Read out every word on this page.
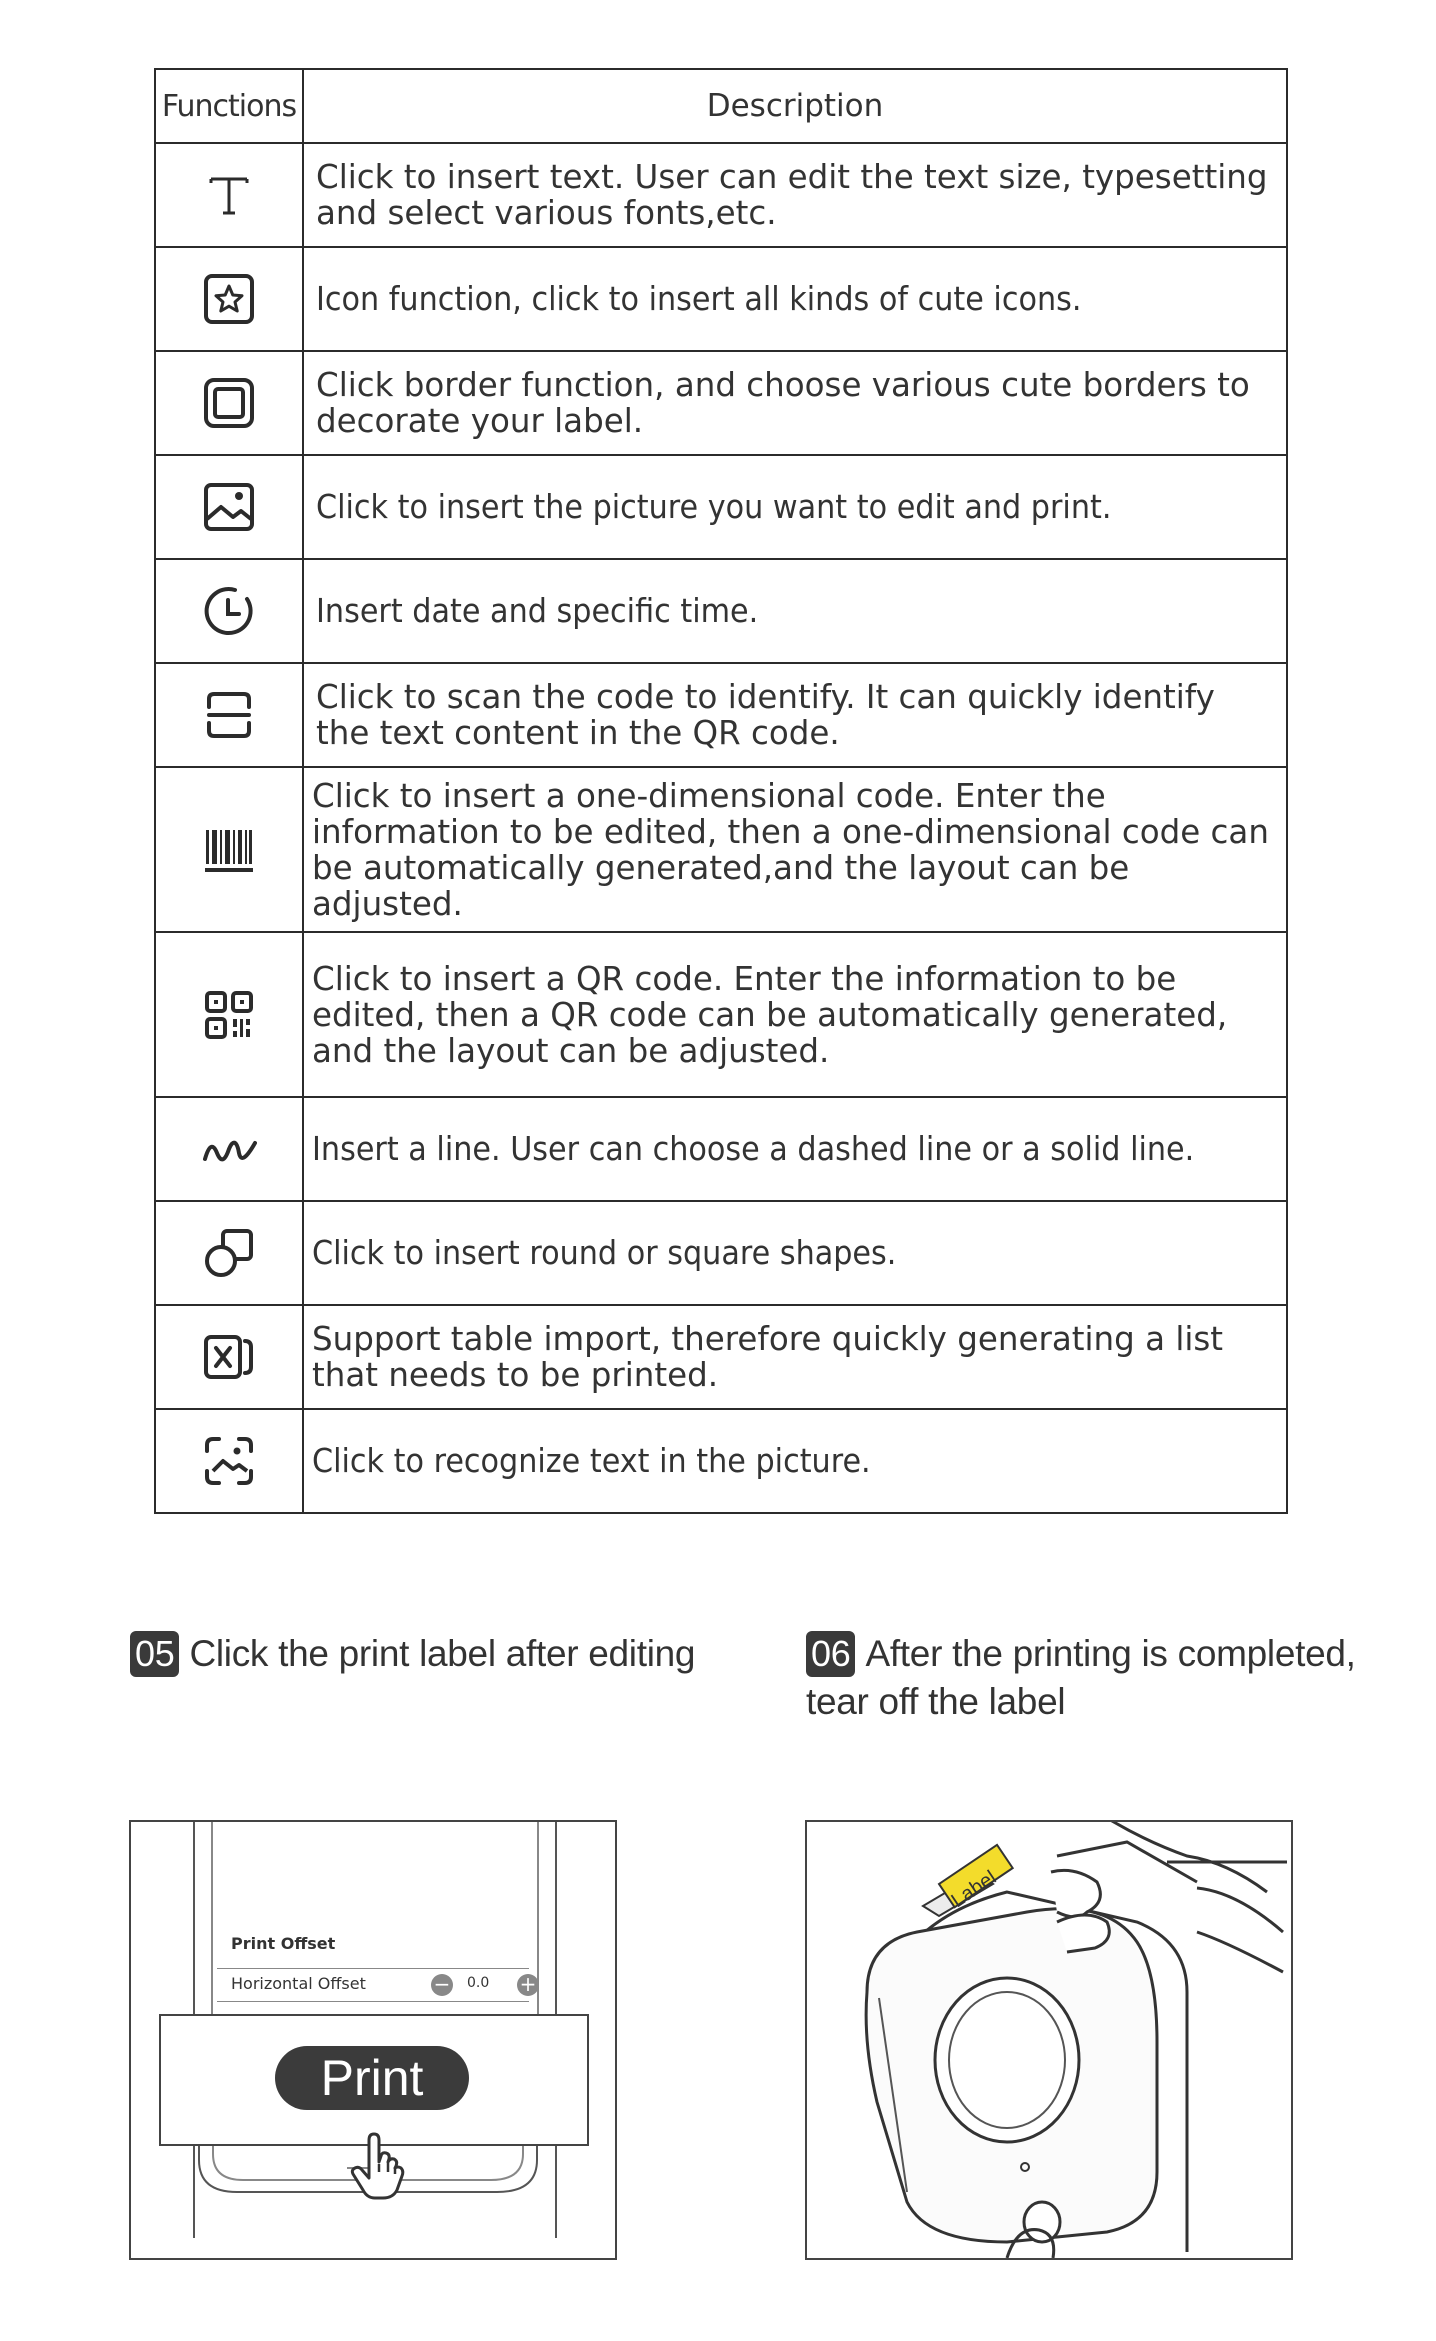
Functions	Description

Click to insert text. User can edit the text size, typesetting and select various fonts,etc.

Icon function, click to insert all kinds of cute icons.

Click border function, and choose various cute borders to decorate your label.

Click to insert the picture you want to edit and print.

Insert date and specific time.

Click to scan the code to identify. It can quickly identify the text content in the QR code.

Click to insert a one-dimensional code. Enter the information to be edited, then a one-dimensional code can be automatically generated,and the layout can be adjusted.

Click to insert a QR code. Enter the information to be edited, then a QR code can be automatically generated, and the layout can be adjusted.

Insert a line. User can choose a dashed line or a solid line.

Click to insert round or square shapes.

Support table import, therefore quickly generating a list that needs to be printed.

Click to recognize text in the picture.
05 Click the print label after editing	06 After the printing is completed, tear off the label
Print Offset
Horizontal Offset	− 0.0 +
Print
Label
